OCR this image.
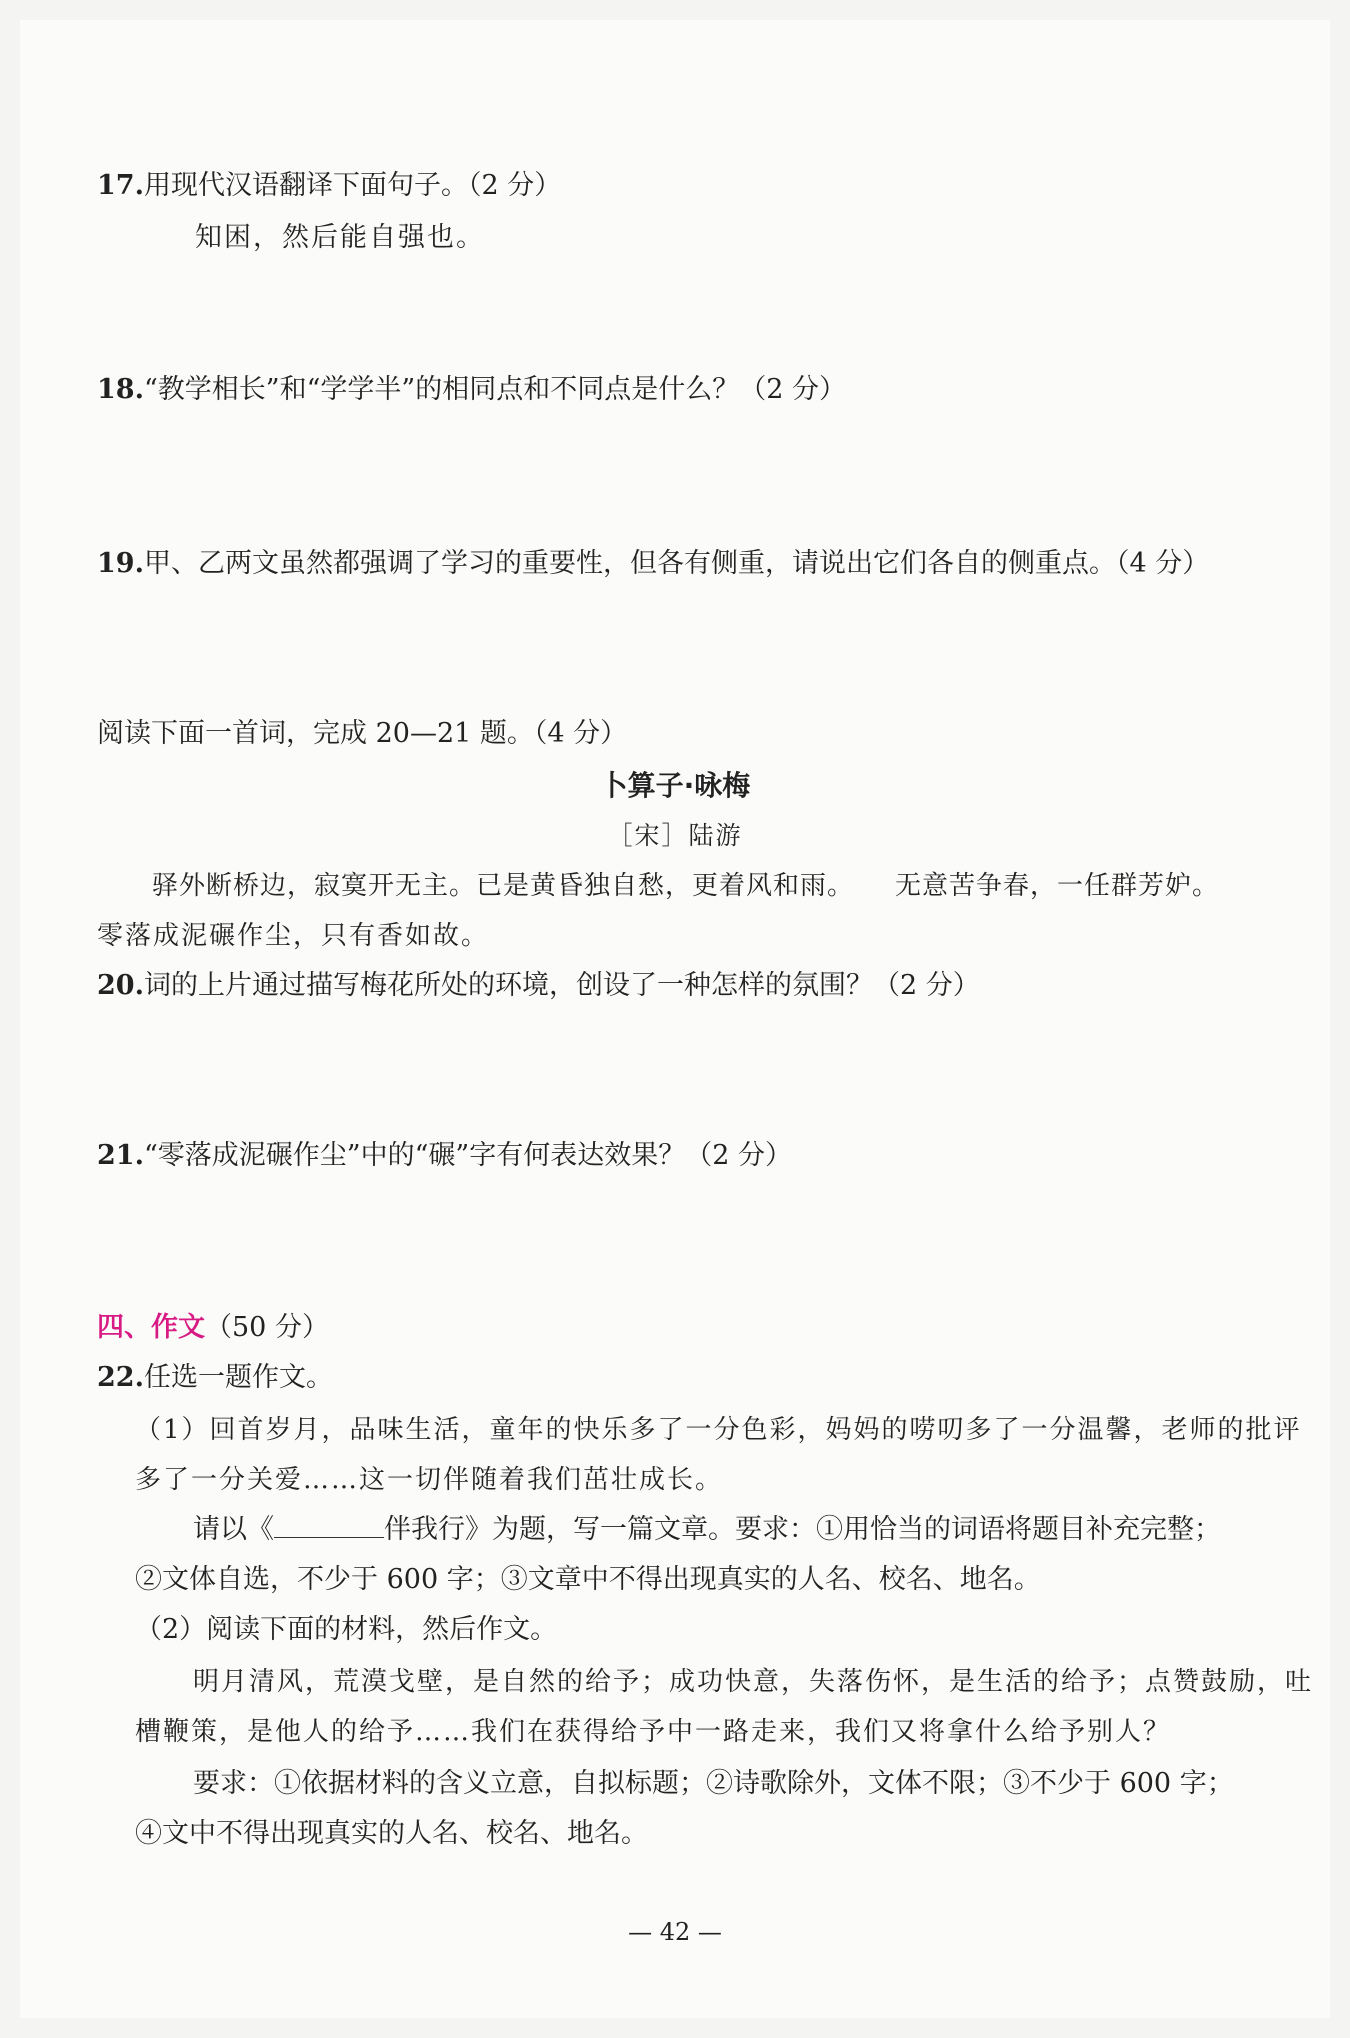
17.用现代汉语翻译下面句子。（2 分）
知困，然后能自强也。
18.“教学相长”和“学学半”的相同点和不同点是什么？（2 分）
19.甲、乙两文虽然都强调了学习的重要性，但各有侧重，请说出它们各自的侧重点。（4 分）
阅读下面一首词，完成 20—21 题。（4 分）
卜算子·咏梅
［宋］陆游
驿外断桥边，寂寞开无主。已是黄昏独自愁，更着风和雨。　　无意苦争春，一任群芳妒。
零落成泥碾作尘，只有香如故。
20.词的上片通过描写梅花所处的环境，创设了一种怎样的氛围？（2 分）
21.“零落成泥碾作尘”中的“碾”字有何表达效果？（2 分）
四、作文（50 分）
22.任选一题作文。
（1）回首岁月，品味生活，童年的快乐多了一分色彩，妈妈的唠叨多了一分温馨，老师的批评
多了一分关爱……这一切伴随着我们茁壮成长。
请以《	伴我行》为题，写一篇文章。要求：①用恰当的词语将题目补充完整；
②文体自选，不少于 600 字；③文章中不得出现真实的人名、校名、地名。
（2）阅读下面的材料，然后作文。
明月清风，荒漠戈壁，是自然的给予；成功快意，失落伤怀，是生活的给予；点赞鼓励，吐
槽鞭策，是他人的给予……我们在获得给予中一路走来，我们又将拿什么给予别人？
要求：①依据材料的含义立意，自拟标题；②诗歌除外，文体不限；③不少于 600 字；
④文中不得出现真实的人名、校名、地名。
— 42 —
